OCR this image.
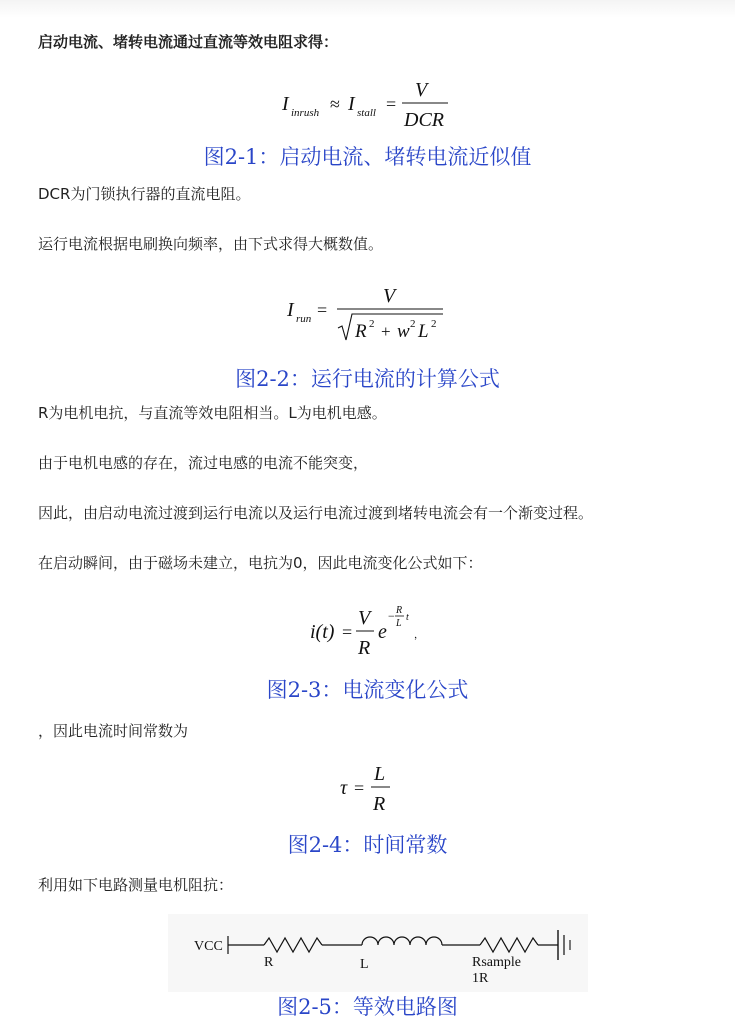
启动电流、堵转电流通过直流等效电阻求得：
I inrush ≈ I stall =
V
DCR
图2-1：启动电流、堵转电流近似值
DCR为门锁执行器的直流电阻。
运行电流根据电刷换向频率，由下式求得大概数值。
I run =
V
R 2 + w 2 L 2
图2-2：运行电流的计算公式
R为电机电抗，与直流等效电阻相当。L为电机电感。
由于电机电感的存在，流过电感的电流不能突变，
因此，由启动电流过渡到运行电流以及运行电流过渡到堵转电流会有一个渐变过程。
在启动瞬间，由于磁场未建立，电抗为0，因此电流变化公式如下：
i(t) =
V
R
e
− R
L
t
，
图2-3：电流变化公式
，因此电流时间常数为
τ =
L
R
图2-4：时间常数
利用如下电路测量电机阻抗：
VCC
R	L	Rsample
1R
图2-5：等效电路图
